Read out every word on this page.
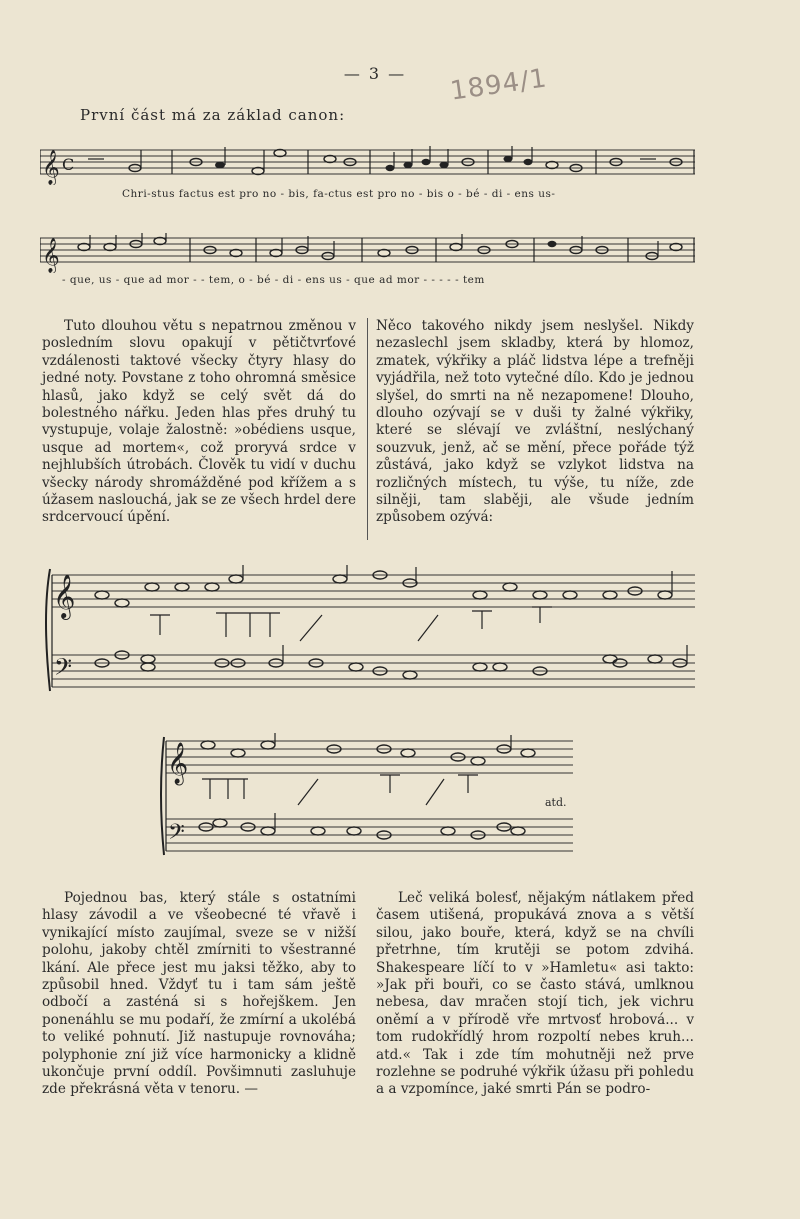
— 3 —	1894/1
První část má za základ canon:
𝄞 C
Chri-stus factus est pro no - bis, fa-ctus est pro no - bis o - bé - di - ens us-
𝄞
- que, us - que ad mor - - tem, o - bé - di - ens us - que ad mor - - - - - tem

Tuto dlouhou větu s nepatrnou změnou v posledním slovu opakují v pětičtvrťové vzdálenosti taktové všecky čtyry hlasy do jedné noty. Povstane z toho ohromná směsice hlasů, jako když se celý svět dá do bolestného nářku. Jeden hlas přes druhý tu vystupuje, volaje žalostně: »obédiens usque, usque ad mortem«, což proryvá srdce v nejhlubších útrobách. Člověk tu vidí v duchu všecky národy shromážděné pod křížem a s úžasem naslouchá, jak se ze všech hrdel dere srdcervoucí úpění.

Něco takového nikdy jsem neslyšel. Nikdy nezaslechl jsem skladby, která by hlomoz, zmatek, výkřiky a pláč lidstva lépe a trefněji vyjádřila, než toto vytečné dílo. Kdo je jednou slyšel, do smrti na ně nezapomene! Dlouho, dlouho ozývají se v duši ty žalné výkřiky, které se slévají ve zvláštní, neslýchaný souzvuk, jenž, ač se mění, přece pořáde týž zůstává, jako když se vzlykot lidstva na rozličných místech, tu výše, tu níže, zde silněji, tam slaběji, ale všude jedním způsobem ozývá:

𝄞
𝄢
𝄞
𝄢
atd.

Pojednou bas, který stále s ostatními hlasy závodil a ve všeobecné té vřavě i vynikající místo zaujímal, sveze se v nižší polohu, jakoby chtěl zmírniti to všestranné lkání. Ale přece jest mu jaksi těžko, aby to způsobil hned. Vždyť tu i tam sám ještě odbočí a zasténá si s hořejškem. Jen ponenáhlu se mu podaří, že zmírní a ukolébá to veliké pohnutí. Již nastupuje rovnováha; polyphonie zní již více harmonicky a klidně ukončuje první oddíl. Povšimnuti zasluhuje zde překrásná věta v tenoru. —

Leč veliká bolesť, nějakým nátlakem před časem utišená, propukává znova a s větší silou, jako bouře, která, když se na chvíli přetrhne, tím krutěji se potom zdvihá. Shakespeare líčí to v »Hamletu« asi takto: »Jak při bouři, co se často stává, umlknou nebesa, dav mračen stojí tich, jek vichru oněmí a v přírodě vře mrtvosť hrobová... v tom rudokřídlý hrom rozpoltí nebes kruh... atd.« Tak i zde tím mohutněji než prve rozlehne se podruhé výkřik úžasu při pohledu a a vzpomínce, jaké smrti Pán se podro-
